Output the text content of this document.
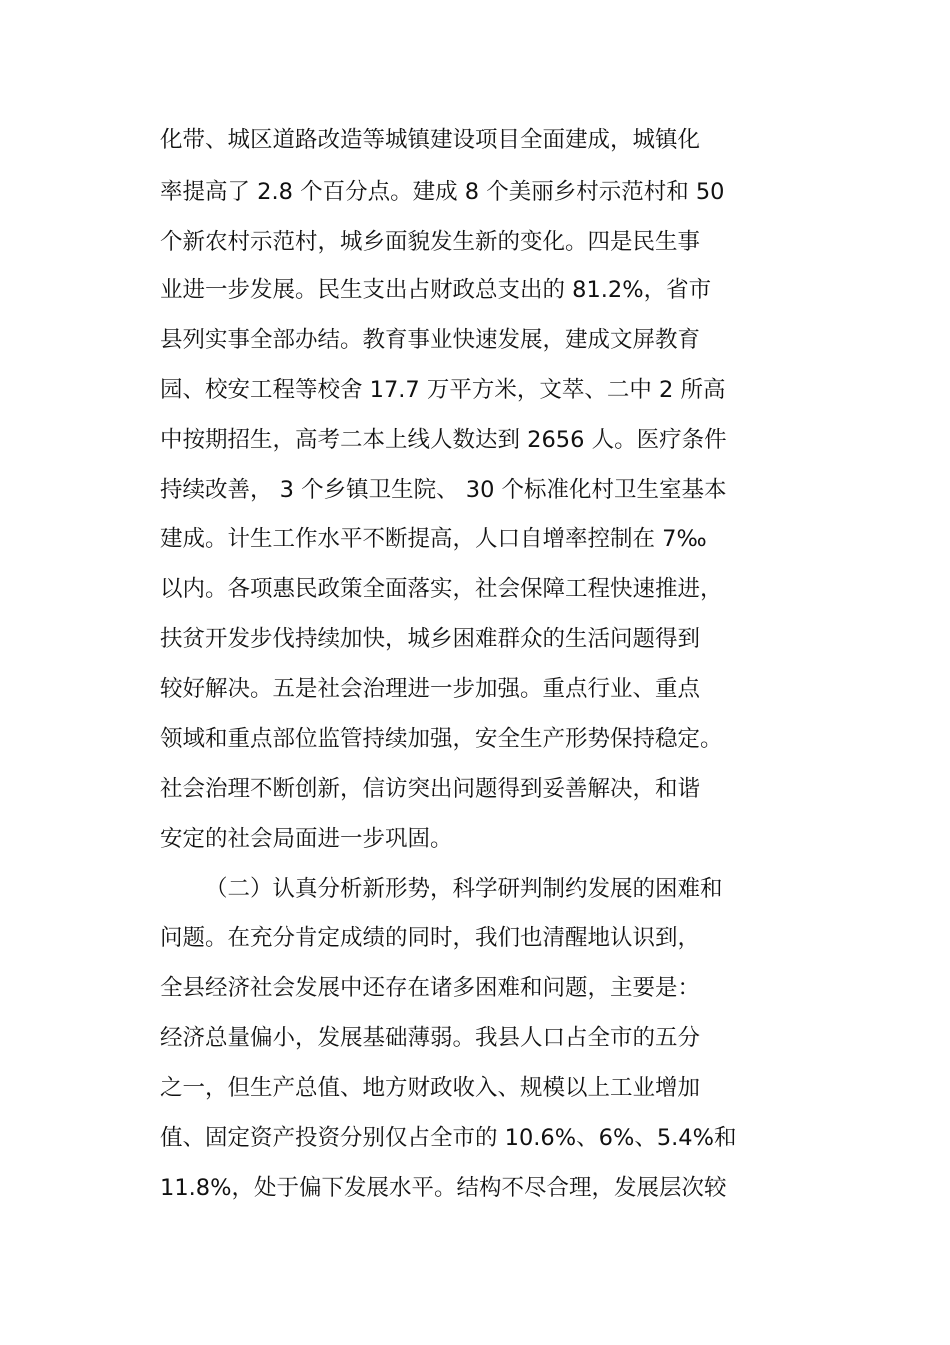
化带、城区道路改造等城镇建设项目全面建成，城镇化
率提高了 2.8 个百分点。建成 8 个美丽乡村示范村和 50
个新农村示范村，城乡面貌发生新的变化。四是民生事
业进一步发展。民生支出占财政总支出的 81.2%，省市
县列实事全部办结。教育事业快速发展，建成文屏教育
园、校安工程等校舍 17.7 万平方米，文萃、二中 2 所高
中按期招生，高考二本上线人数达到 2656 人。医疗条件
持续改善， 3 个乡镇卫生院、 30 个标准化村卫生室基本
建成。计生工作水平不断提高，人口自增率控制在 7‰
以内。各项惠民政策全面落实，社会保障工程快速推进，
扶贫开发步伐持续加快，城乡困难群众的生活问题得到
较好解决。五是社会治理进一步加强。重点行业、重点
领域和重点部位监管持续加强，安全生产形势保持稳定。
社会治理不断创新，信访突出问题得到妥善解决，和谐
安定的社会局面进一步巩固。
（二）认真分析新形势，科学研判制约发展的困难和
问题。在充分肯定成绩的同时，我们也清醒地认识到，
全县经济社会发展中还存在诸多困难和问题，主要是：
经济总量偏小，发展基础薄弱。我县人口占全市的五分
之一，但生产总值、地方财政收入、规模以上工业增加
值、固定资产投资分别仅占全市的 10.6%、6%、5.4%和
11.8%，处于偏下发展水平。结构不尽合理，发展层次较
